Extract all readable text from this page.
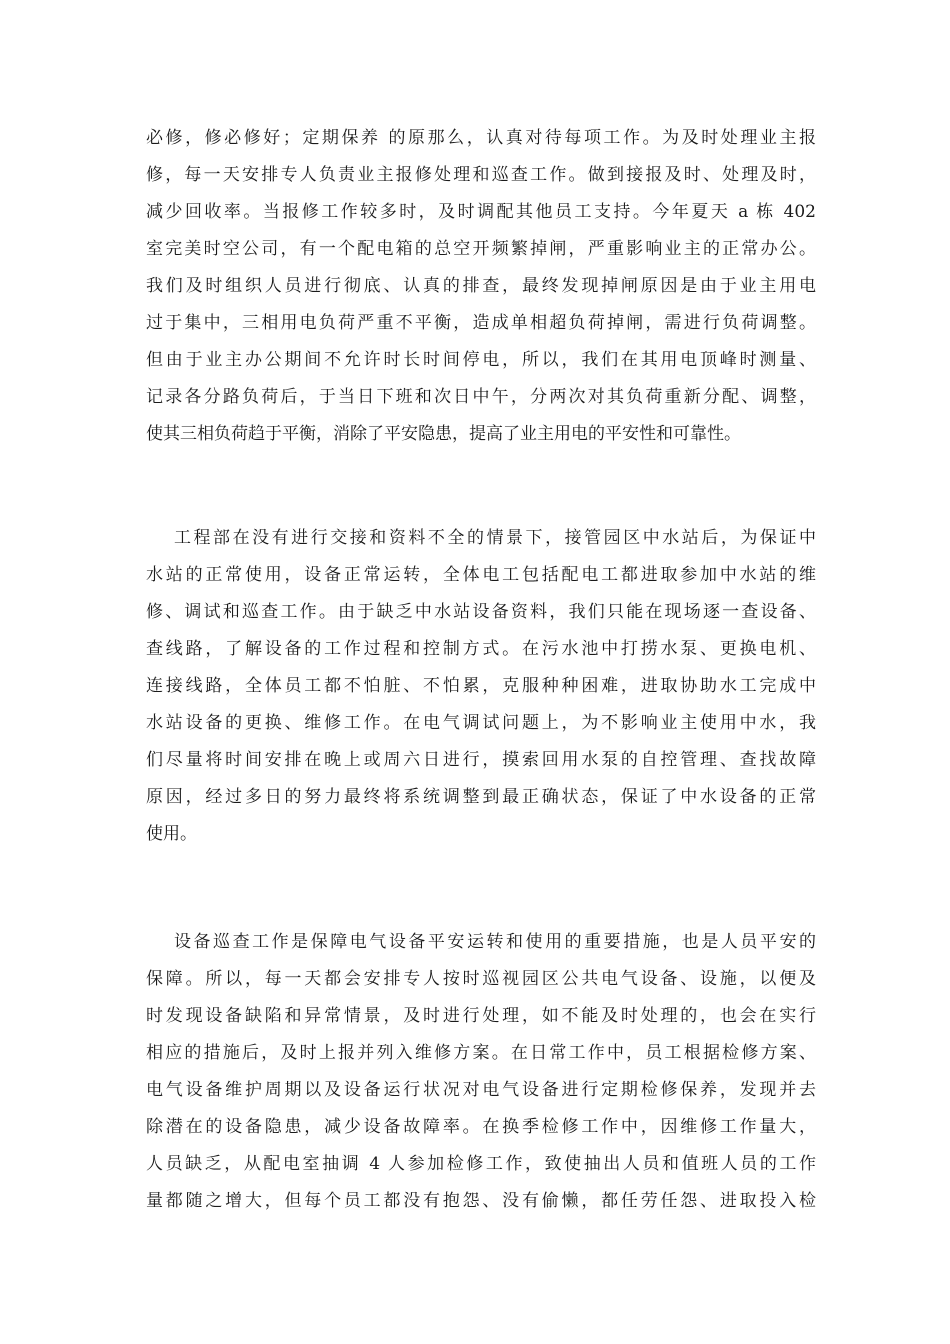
必修，修必修好；定期保养 的原那么，认真对待每项工作。为及时处理业主报
修，每一天安排专人负责业主报修处理和巡查工作。做到接报及时、处理及时，
减少回收率。当报修工作较多时，及时调配其他员工支持。今年夏天 a 栋 402
室完美时空公司，有一个配电箱的总空开频繁掉闸，严重影响业主的正常办公。
我们及时组织人员进行彻底、认真的排查，最终发现掉闸原因是由于业主用电
过于集中，三相用电负荷严重不平衡，造成单相超负荷掉闸，需进行负荷调整。
但由于业主办公期间不允许时长时间停电，所以，我们在其用电顶峰时测量、
记录各分路负荷后，于当日下班和次日中午，分两次对其负荷重新分配、调整，
使其三相负荷趋于平衡，消除了平安隐患，提高了业主用电的平安性和可靠性。
工程部在没有进行交接和资料不全的情景下，接管园区中水站后，为保证中
水站的正常使用，设备正常运转，全体电工包括配电工都进取参加中水站的维
修、调试和巡查工作。由于缺乏中水站设备资料，我们只能在现场逐一查设备、
查线路，了解设备的工作过程和控制方式。在污水池中打捞水泵、更换电机、
连接线路，全体员工都不怕脏、不怕累，克服种种困难，进取协助水工完成中
水站设备的更换、维修工作。在电气调试问题上，为不影响业主使用中水，我
们尽量将时间安排在晚上或周六日进行，摸索回用水泵的自控管理、查找故障
原因，经过多日的努力最终将系统调整到最正确状态，保证了中水设备的正常
使用。
设备巡查工作是保障电气设备平安运转和使用的重要措施，也是人员平安的
保障。所以，每一天都会安排专人按时巡视园区公共电气设备、设施，以便及
时发现设备缺陷和异常情景，及时进行处理，如不能及时处理的，也会在实行
相应的措施后，及时上报并列入维修方案。在日常工作中，员工根据检修方案、
电气设备维护周期以及设备运行状况对电气设备进行定期检修保养，发现并去
除潜在的设备隐患，减少设备故障率。在换季检修工作中，因维修工作量大，
人员缺乏，从配电室抽调 4 人参加检修工作，致使抽出人员和值班人员的工作
量都随之增大，但每个员工都没有抱怨、没有偷懒，都任劳任怨、进取投入检
